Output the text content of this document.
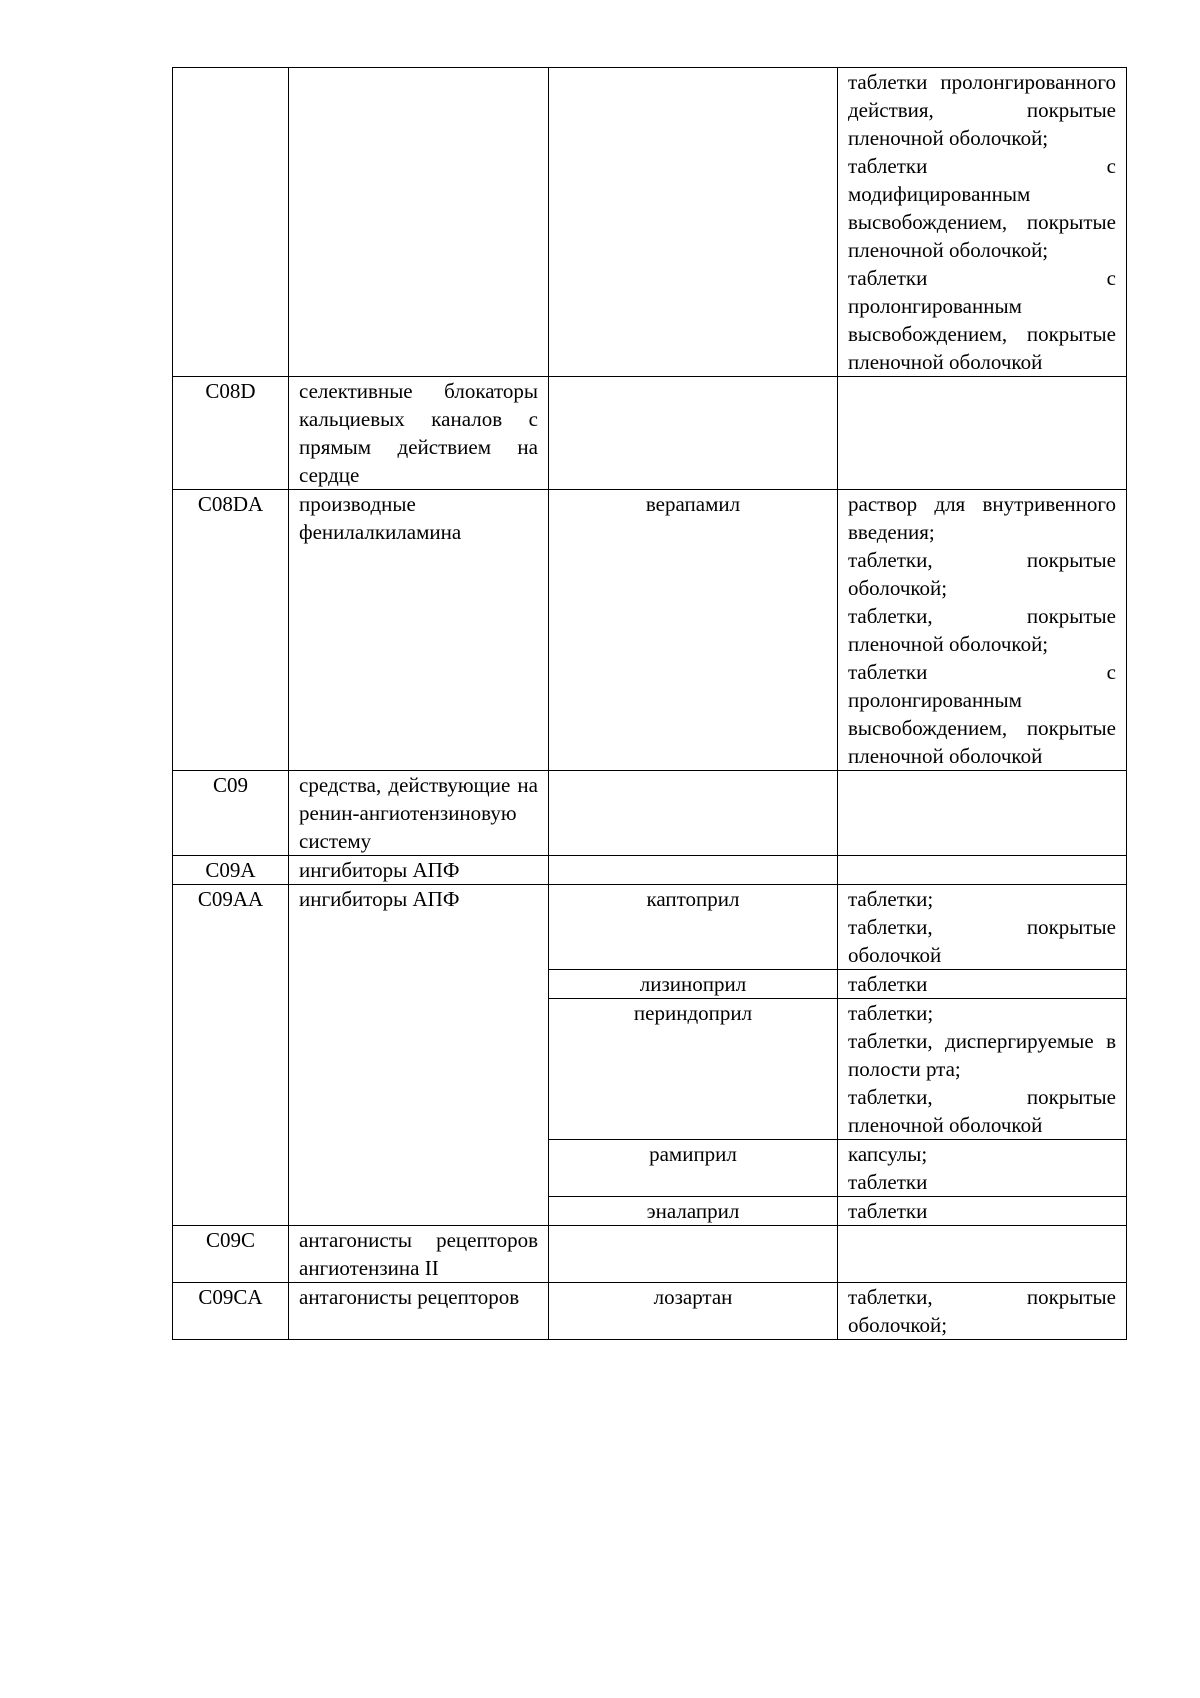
			таблетки пролонгированного действия, покрытые пленочной оболочкой;
таблетки с модифицированным высвобождением, покрытые пленочной оболочкой;
таблетки с пролонгированным высвобождением, покрытые пленочной оболочкой

C08D	селективные блокаторы кальциевых каналов с прямым действием на сердце		
C08DA	производные фенилалкиламина	верапамил	раствор для внутривенного введения;
таблетки, покрытые оболочкой;
таблетки, покрытые пленочной оболочкой;
таблетки с пролонгированным высвобождением, покрытые пленочной оболочкой

C09	средства, действующие на ренин-ангиотензиновую систему		
C09A	ингибиторы АПФ		
C09AA	ингибиторы АПФ	каптоприл	таблетки;
таблетки, покрытые оболочкой

		лизиноприл	таблетки

		периндоприл	таблетки;
таблетки, диспергируемые в полости рта;
таблетки, покрытые пленочной оболочкой

		рамиприл	капсулы;
таблетки

		эналаприл	таблетки

C09C	антагонисты рецепторов ангиотензина II		
C09CA	антагонисты рецепторов	лозартан	таблетки, покрытые оболочкой;
